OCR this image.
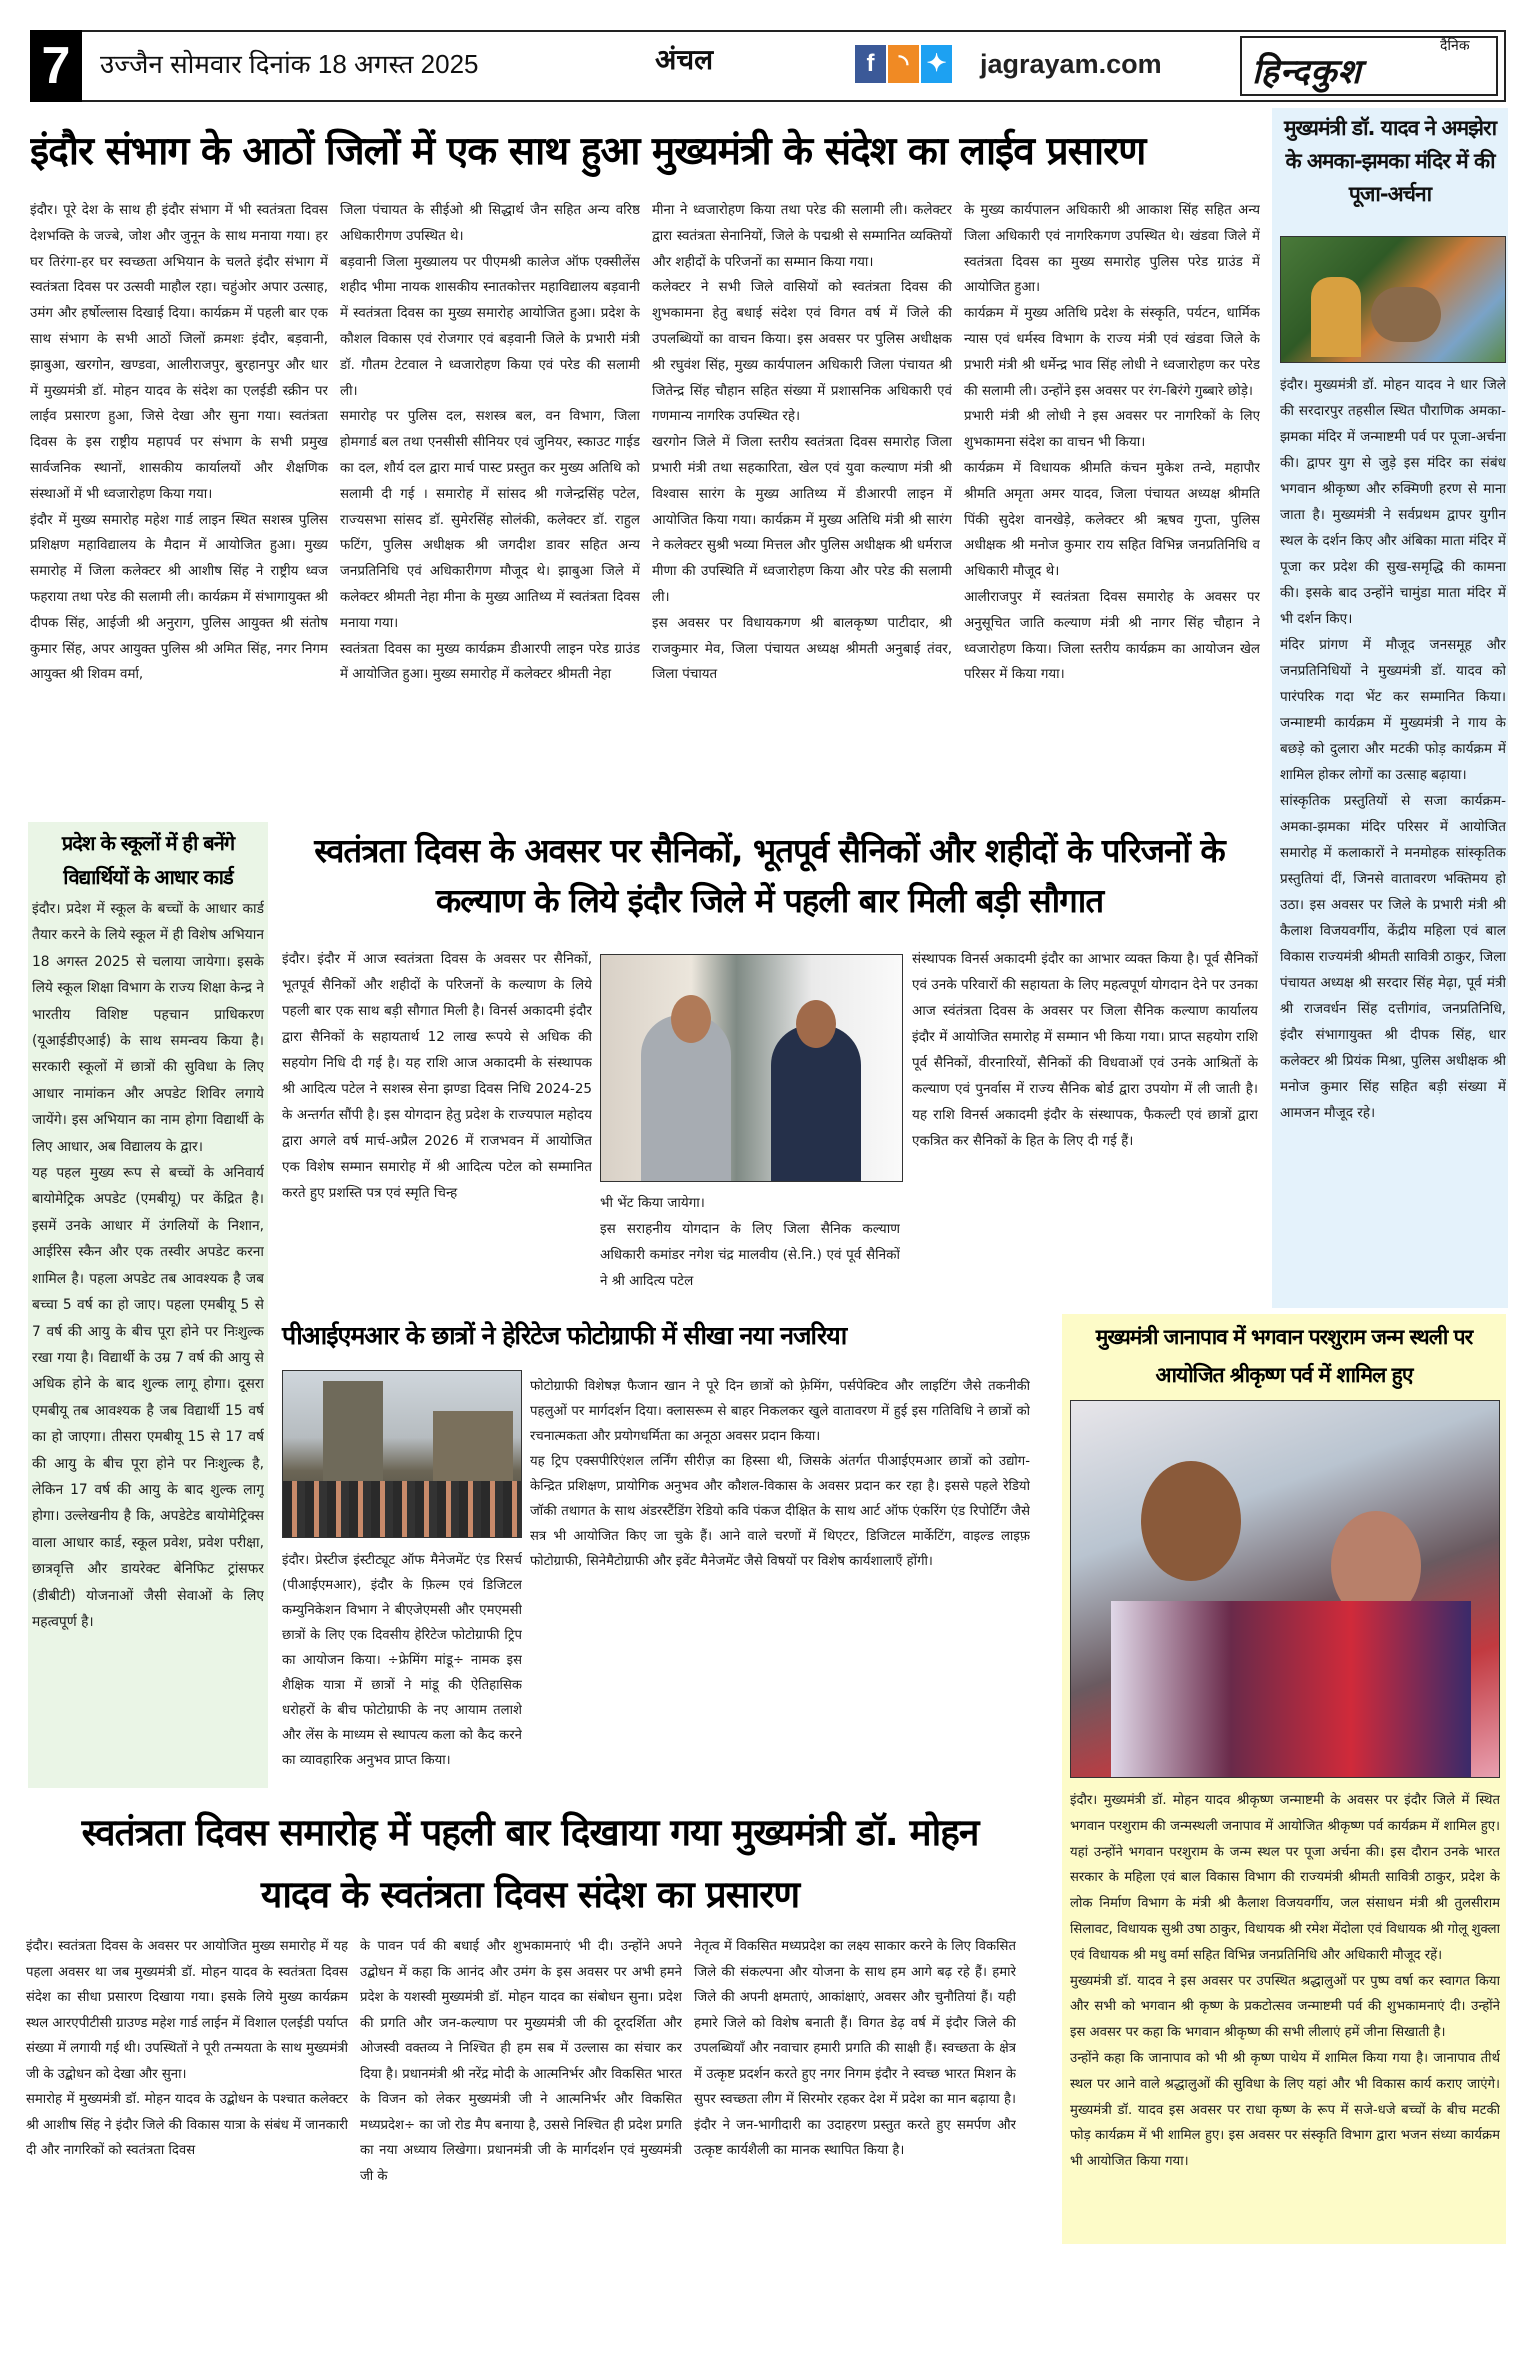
7	उज्जैन सोमवार दिनांक 18 अगस्त 2025	अंचल	f	◝ ✦ jagrayam.com
दैनिक
हिन्दकुश
इंदौर संभाग के आठों जिलों में एक साथ हुआ मुख्यमंत्री के संदेश का लाईव प्रसारण
इंदौर। पूरे देश के साथ ही इंदौर संभाग में भी स्वतंत्रता दिवस देशभक्ति के जज्बे, जोश और जुनून के साथ मनाया गया। हर घर तिरंगा-हर घर स्वच्छता अभियान के चलते इंदौर संभाग में स्वतंत्रता दिवस पर उत्सवी माहौल रहा। चहुंओर अपार उत्साह, उमंग और हर्षोल्लास दिखाई दिया। कार्यक्रम में पहली बार एक साथ संभाग के सभी आठों जिलों क्रमशः इंदौर, बड़वानी, झाबुआ, खरगोन, खण्डवा, आलीराजपुर, बुरहानपुर और धार में मुख्यमंत्री डॉ. मोहन यादव के संदेश का एलईडी स्क्रीन पर लाईव प्रसारण हुआ, जिसे देखा और सुना गया। स्वतंत्रता दिवस के इस राष्ट्रीय महापर्व पर संभाग के सभी प्रमुख सार्वजनिक स्थानों, शासकीय कार्यालयों और शैक्षणिक संस्थाओं में भी ध्वजारोहण किया गया।
इंदौर में मुख्य समारोह महेश गार्ड लाइन स्थित सशस्त्र पुलिस प्रशिक्षण महाविद्यालय के मैदान में आयोजित हुआ। मुख्य समारोह में जिला कलेक्टर श्री आशीष सिंह ने राष्ट्रीय ध्वज फहराया तथा परेड की सलामी ली। कार्यक्रम में संभागायुक्त श्री दीपक सिंह, आईजी श्री अनुराग, पुलिस आयुक्त श्री संतोष कुमार सिंह, अपर आयुक्त पुलिस श्री अमित सिंह, नगर निगम आयुक्त श्री शिवम वर्मा,
जिला पंचायत के सीईओ श्री सिद्धार्थ जैन सहित अन्य वरिष्ठ अधिकारीगण उपस्थित थे।
बड़वानी जिला मुख्यालय पर पीएमश्री कालेज ऑफ एक्सीलेंस शहीद भीमा नायक शासकीय स्नातकोत्तर महाविद्यालय बड़वानी में स्वतंत्रता दिवस का मुख्य समारोह आयोजित हुआ। प्रदेश के कौशल विकास एवं रोजगार एवं बड़वानी जिले के प्रभारी मंत्री डॉ. गौतम टेटवाल ने ध्वजारोहण किया एवं परेड की सलामी ली।
समारोह पर पुलिस दल, सशस्त्र बल, वन विभाग, जिला होमगार्ड बल तथा एनसीसी सीनियर एवं जुनियर, स्काउट गाईड का दल, शौर्य दल द्वारा मार्च पास्ट प्रस्तुत कर मुख्य अतिथि को सलामी दी गई । समारोह में सांसद श्री गजेन्द्रसिंह पटेल, राज्यसभा सांसद डॉ. सुमेरसिंह सोलंकी, कलेक्टर डॉ. राहुल फटिंग, पुलिस अधीक्षक श्री जगदीश डावर सहित अन्य जनप्रतिनिधि एवं अधिकारीगण मौजूद थे। झाबुआ जिले में कलेक्टर श्रीमती नेहा मीना के मुख्य आतिथ्य में स्वतंत्रता दिवस मनाया गया।
स्वतंत्रता दिवस का मुख्य कार्यक्रम डीआरपी लाइन परेड ग्राउंड में आयोजित हुआ। मुख्य समारोह में कलेक्टर श्रीमती नेहा
मीना ने ध्वजारोहण किया तथा परेड की सलामी ली। कलेक्टर द्वारा स्वतंत्रता सेनानियों, जिले के पद्मश्री से सम्मानित व्यक्तियों और शहीदों के परिजनों का सम्मान किया गया।
कलेक्टर ने सभी जिले वासियों को स्वतंत्रता दिवस की शुभकामना हेतु बधाई संदेश एवं विगत वर्ष में जिले की उपलब्धियों का वाचन किया। इस अवसर पर पुलिस अधीक्षक श्री रघुवंश सिंह, मुख्य कार्यपालन अधिकारी जिला पंचायत श्री जितेन्द्र सिंह चौहान सहित संख्या में प्रशासनिक अधिकारी एवं गणमान्य नागरिक उपस्थित रहे।
खरगोन जिले में जिला स्तरीय स्वतंत्रता दिवस समारोह जिला प्रभारी मंत्री तथा सहकारिता, खेल एवं युवा कल्याण मंत्री श्री विश्वास सारंग के मुख्य आतिथ्य में डीआरपी लाइन में आयोजित किया गया। कार्यक्रम में मुख्य अतिथि मंत्री श्री सारंग ने कलेक्टर सुश्री भव्या मित्तल और पुलिस अधीक्षक श्री धर्मराज मीणा की उपस्थिति में ध्वजारोहण किया और परेड की सलामी ली।
इस अवसर पर विधायकगण श्री बालकृष्ण पाटीदार, श्री राजकुमार मेव, जिला पंचायत अध्यक्ष श्रीमती अनुबाई तंवर, जिला पंचायत
के मुख्य कार्यपालन अधिकारी श्री आकाश सिंह सहित अन्य जिला अधिकारी एवं नागरिकगण उपस्थित थे। खंडवा जिले में स्वतंत्रता दिवस का मुख्य समारोह पुलिस परेड ग्राउंड में आयोजित हुआ।
कार्यक्रम में मुख्य अतिथि प्रदेश के संस्कृति, पर्यटन, धार्मिक न्यास एवं धर्मस्व विभाग के राज्य मंत्री एवं खंडवा जिले के प्रभारी मंत्री श्री धर्मेन्द्र भाव सिंह लोधी ने ध्वजारोहण कर परेड की सलामी ली। उन्होंने इस अवसर पर रंग-बिरंगे गुब्बारे छोड़े।
प्रभारी मंत्री श्री लोधी ने इस अवसर पर नागरिकों के लिए शुभकामना संदेश का वाचन भी किया।
कार्यक्रम में विधायक श्रीमति कंचन मुकेश तन्वे, महापौर श्रीमति अमृता अमर यादव, जिला पंचायत अध्यक्ष श्रीमति पिंकी सुदेश वानखेड़े, कलेक्टर श्री ऋषव गुप्ता, पुलिस अधीक्षक श्री मनोज कुमार राय सहित विभिन्न जनप्रतिनिधि व अधिकारी मौजूद थे।
आलीराजपुर में स्वतंत्रता दिवस समारोह के अवसर पर अनुसूचित जाति कल्याण मंत्री श्री नागर सिंह चौहान ने ध्वजारोहण किया। जिला स्तरीय कार्यक्रम का आयोजन खेल परिसर में किया गया।
मुख्यमंत्री डॉ. यादव ने अमझेरा के अमका-झमका मंदिर में की पूजा-अर्चना
इंदौर। मुख्यमंत्री डॉ. मोहन यादव ने धार जिले की सरदारपुर तहसील स्थित पौराणिक अमका-झमका मंदिर में जन्माष्टमी पर्व पर पूजा-अर्चना की। द्वापर युग से जुड़े इस मंदिर का संबंध भगवान श्रीकृष्ण और रुक्मिणी हरण से माना जाता है। मुख्यमंत्री ने सर्वप्रथम द्वापर युगीन स्थल के दर्शन किए और अंबिका माता मंदिर में पूजा कर प्रदेश की सुख-समृद्धि की कामना की। इसके बाद उन्होंने चामुंडा माता मंदिर में भी दर्शन किए।
मंदिर प्रांगण में मौजूद जनसमूह और जनप्रतिनिधियों ने मुख्यमंत्री डॉ. यादव को पारंपरिक गदा भेंट कर सम्मानित किया। जन्माष्टमी कार्यक्रम में मुख्यमंत्री ने गाय के बछड़े को दुलारा और मटकी फोड़ कार्यक्रम में शामिल होकर लोगों का उत्साह बढ़ाया।
सांस्कृतिक प्रस्तुतियों से सजा कार्यक्रम- अमका-झमका मंदिर परिसर में आयोजित समारोह में कलाकारों ने मनमोहक सांस्कृतिक प्रस्तुतियां दीं, जिनसे वातावरण भक्तिमय हो उठा। इस अवसर पर जिले के प्रभारी मंत्री श्री कैलाश विजयवर्गीय, केंद्रीय महिला एवं बाल विकास राज्यमंत्री श्रीमती सावित्री ठाकुर, जिला पंचायत अध्यक्ष श्री सरदार सिंह मेढ़ा, पूर्व मंत्री श्री राजवर्धन सिंह दत्तीगांव, जनप्रतिनिधि, इंदौर संभागायुक्त श्री दीपक सिंह, धार कलेक्टर श्री प्रियंक मिश्रा, पुलिस अधीक्षक श्री मनोज कुमार सिंह सहित बड़ी संख्या में आमजन मौजूद रहे।
प्रदेश के स्कूलों में ही बनेंगे विद्यार्थियों के आधार कार्ड
इंदौर। प्रदेश में स्कूल के बच्चों के आधार कार्ड तैयार करने के लिये स्कूल में ही विशेष अभियान 18 अगस्त 2025 से चलाया जायेगा। इसके लिये स्कूल शिक्षा विभाग के राज्य शिक्षा केन्द्र ने भारतीय विशिष्ट पहचान प्राधिकरण (यूआईडीएआई) के साथ समन्वय किया है। सरकारी स्कूलों में छात्रों की सुविधा के लिए आधार नामांकन और अपडेट शिविर लगाये जायेंगे। इस अभियान का नाम होगा विद्यार्थी के लिए आधार, अब विद्यालय के द्वार।
यह पहल मुख्य रूप से बच्चों के अनिवार्य बायोमेट्रिक अपडेट (एमबीयू) पर केंद्रित है। इसमें उनके आधार में उंगलियों के निशान, आईरिस स्कैन और एक तस्वीर अपडेट करना शामिल है। पहला अपडेट तब आवश्यक है जब बच्चा 5 वर्ष का हो जाए। पहला एमबीयू 5 से 7 वर्ष की आयु के बीच पूरा होने पर निःशुल्क रखा गया है। विद्यार्थी के उम्र 7 वर्ष की आयु से अधिक होने के बाद शुल्क लागू होगा। दूसरा एमबीयू तब आवश्यक है जब विद्यार्थी 15 वर्ष का हो जाएगा। तीसरा एमबीयू 15 से 17 वर्ष की आयु के बीच पूरा होने पर निःशुल्क है, लेकिन 17 वर्ष की आयु के बाद शुल्क लागू होगा। उल्लेखनीय है कि, अपडेटेड बायोमेट्रिक्स वाला आधार कार्ड, स्कूल प्रवेश, प्रवेश परीक्षा, छात्रवृत्ति और डायरेक्ट बेनिफिट ट्रांसफर (डीबीटी) योजनाओं जैसी सेवाओं के लिए महत्वपूर्ण है।
स्वतंत्रता दिवस के अवसर पर सैनिकों, भूतपूर्व सैनिकों और शहीदों के परिजनों के कल्याण के लिये इंदौर जिले में पहली बार मिली बड़ी सौगात
इंदौर। इंदौर में आज स्वतंत्रता दिवस के अवसर पर सैनिकों, भूतपूर्व सैनिकों और शहीदों के परिजनों के कल्याण के लिये पहली बार एक साथ बड़ी सौगात मिली है। विनर्स अकादमी इंदौर द्वारा सैनिकों के सहायतार्थ 12 लाख रूपये से अधिक की सहयोग निधि दी गई है। यह राशि आज अकादमी के संस्थापक श्री आदित्य पटेल ने सशस्त्र सेना झण्डा दिवस निधि 2024-25 के अन्तर्गत सौंपी है। इस योगदान हेतु प्रदेश के राज्यपाल महोदय द्वारा अगले वर्ष मार्च-अप्रैल 2026 में राजभवन में आयोजित एक विशेष सम्मान समारोह में श्री आदित्य पटेल को सम्मानित करते हुए प्रशस्ति पत्र एवं स्मृति चिन्ह
भी भेंट किया जायेगा।
इस सराहनीय योगदान के लिए जिला सैनिक कल्याण अधिकारी कमांडर नगेश चंद्र मालवीय (से.नि.) एवं पूर्व सैनिकों ने श्री आदित्य पटेल
संस्थापक विनर्स अकादमी इंदौर का आभार व्यक्त किया है। पूर्व सैनिकों एवं उनके परिवारों की सहायता के लिए महत्वपूर्ण योगदान देने पर उनका आज स्वंतंत्रता दिवस के अवसर पर जिला सैनिक कल्याण कार्यालय इंदौर में आयोजित समारोह में सम्मान भी किया गया। प्राप्त सहयोग राशि पूर्व सैनिकों, वीरनारियों, सैनिकों की विधवाओं एवं उनके आश्रितों के कल्याण एवं पुनर्वास में राज्य सैनिक बोर्ड द्वारा उपयोग में ली जाती है। यह राशि विनर्स अकादमी इंदौर के संस्थापक, फैकल्टी एवं छात्रों द्वारा एकत्रित कर सैनिकों के हित के लिए दी गई हैं।
पीआईएमआर के छात्रों ने हेरिटेज फोटोग्राफी में सीखा नया नजरिया
इंदौर। प्रेस्टीज इंस्टीट्यूट ऑफ मैनेजमेंट एंड रिसर्च (पीआईएमआर), इंदौर के फ़िल्म एवं डिजिटल कम्युनिकेशन विभाग ने बीएजेएमसी और एमएमसी छात्रों के लिए एक दिवसीय हेरिटेज फोटोग्राफी ट्रिप का आयोजन किया। ÷फ्रेमिंग मांडू÷ नामक इस शैक्षिक यात्रा में छात्रों ने मांडू की ऐतिहासिक धरोहरों के बीच फोटोग्राफी के नए आयाम तलाशे और लेंस के माध्यम से स्थापत्य कला को कैद करने का व्यावहारिक अनुभव प्राप्त किया।
फोटोग्राफी विशेषज्ञ फैजान खान ने पूरे दिन छात्रों को फ़्रेमिंग, पर्सपेक्टिव और लाइटिंग जैसे तकनीकी पहलुओं पर मार्गदर्शन दिया। क्लासरूम से बाहर निकलकर खुले वातावरण में हुई इस गतिविधि ने छात्रों को रचनात्मकता और प्रयोगधर्मिता का अनूठा अवसर प्रदान किया।
यह ट्रिप एक्सपीरिएंशल लर्निंग सीरीज़ का हिस्सा थी, जिसके अंतर्गत पीआईएमआर छात्रों को उद्योग-केन्द्रित प्रशिक्षण, प्रायोगिक अनुभव और कौशल-विकास के अवसर प्रदान कर रहा है। इससे पहले रेडियो जॉकी तथागत के साथ अंडरस्टैंडिंग रेडियो कवि पंकज दीक्षित के साथ आर्ट ऑफ एंकरिंग एंड रिपोर्टिंग जैसे सत्र भी आयोजित किए जा चुके हैं। आने वाले चरणों में थिएटर, डिजिटल मार्केटिंग, वाइल्ड लाइफ़ फोटोग्राफी, सिनेमैटोग्राफी और इवेंट मैनेजमेंट जैसे विषयों पर विशेष कार्यशालाएँ होंगी।
मुख्यमंत्री जानापाव में भगवान परशुराम जन्म स्थली पर आयोजित श्रीकृष्ण पर्व में शामिल हुए
इंदौर। मुख्यमंत्री डॉ. मोहन यादव श्रीकृष्ण जन्माष्टमी के अवसर पर इंदौर जिले में स्थित भगवान परशुराम की जन्मस्थली जनापाव में आयोजित श्रीकृष्ण पर्व कार्यक्रम में शामिल हुए। यहां उन्होंने भगवान परशुराम के जन्म स्थल पर पूजा अर्चना की। इस दौरान उनके भारत सरकार के महिला एवं बाल विकास विभाग की राज्यमंत्री श्रीमती सावित्री ठाकुर, प्रदेश के लोक निर्माण विभाग के मंत्री श्री कैलाश विजयवर्गीय, जल संसाधन मंत्री श्री तुलसीराम सिलावट, विधायक सुश्री उषा ठाकुर, विधायक श्री रमेश मेंदोला एवं विधायक श्री गोलू शुक्ला एवं विधायक श्री मधु वर्मा सहित विभिन्न जनप्रतिनिधि और अधिकारी मौजूद रहें।
मुख्यमंत्री डॉ. यादव ने इस अवसर पर उपस्थित श्रद्धालुओं पर पुष्प वर्षा कर स्वागत किया और सभी को भगवान श्री कृष्ण के प्रकटोत्सव जन्माष्टमी पर्व की शुभकामनाएं दी। उन्होंने इस अवसर पर कहा कि भगवान श्रीकृष्ण की सभी लीलाएं हमें जीना सिखाती है।
उन्होंने कहा कि जानापाव को भी श्री कृष्ण पाथेय में शामिल किया गया है। जानापाव तीर्थ स्थल पर आने वाले श्रद्धालुओं की सुविधा के लिए यहां और भी विकास कार्य कराए जाएंगे। मुख्यमंत्री डॉ. यादव इस अवसर पर राधा कृष्ण के रूप में सजे-धजे बच्चों के बीच मटकी फोड़ कार्यक्रम में भी शामिल हुए। इस अवसर पर संस्कृति विभाग द्वारा भजन संध्या कार्यक्रम भी आयोजित किया गया।
स्वतंत्रता दिवस समारोह में पहली बार दिखाया गया मुख्यमंत्री डॉ. मोहन यादव के स्वतंत्रता दिवस संदेश का प्रसारण
इंदौर। स्वतंत्रता दिवस के अवसर पर आयोजित मुख्य समारोह में यह पहला अवसर था जब मुख्यमंत्री डॉ. मोहन यादव के स्वतंत्रता दिवस संदेश का सीधा प्रसारण दिखाया गया। इसके लिये मुख्य कार्यक्रम स्थल आरएपीटीसी ग्राउण्ड महेश गार्ड लाईन में विशाल एलईडी पर्याप्त संख्या में लगायी गई थी। उपस्थितों ने पूरी तन्मयता के साथ मुख्यमंत्री जी के उद्बोधन को देखा और सुना।
समारोह में मुख्यमंत्री डॉ. मोहन यादव के उद्बोधन के पश्चात कलेक्टर श्री आशीष सिंह ने इंदौर जिले की विकास यात्रा के संबंध में जानकारी दी और नागरिकों को स्वतंत्रता दिवस
के पावन पर्व की बधाई और शुभकामनाएं भी दी। उन्होंने अपने उद्बोधन में कहा कि आनंद और उमंग के इस अवसर पर अभी हमने प्रदेश के यशस्वी मुख्यमंत्री डॉ. मोहन यादव का संबोधन सुना। प्रदेश की प्रगति और जन-कल्याण पर मुख्यमंत्री जी की दूरदर्शिता और ओजस्वी वक्तव्य ने निश्चित ही हम सब में उल्लास का संचार कर दिया है। प्रधानमंत्री श्री नरेंद्र मोदी के आत्मनिर्भर और विकसित भारत के विजन को लेकर मुख्यमंत्री जी ने आत्मनिर्भर और विकसित मध्यप्रदेश÷ का जो रोड मैप बनाया है, उससे निश्चित ही प्रदेश प्रगति का नया अध्याय लिखेगा। प्रधानमंत्री जी के मार्गदर्शन एवं मुख्यमंत्री जी के
नेतृत्व में विकसित मध्यप्रदेश का लक्ष्य साकार करने के लिए विकसित जिले की संकल्पना और योजना के साथ हम आगे बढ़ रहे हैं। हमारे जिले की अपनी क्षमताएं, आकांक्षाएं, अवसर और चुनौतियां हैं। यही हमारे जिले को विशेष बनाती हैं। विगत डेढ़ वर्ष में इंदौर जिले की उपलब्धियाँ और नवाचार हमारी प्रगति की साक्षी हैं। स्वच्छता के क्षेत्र में उत्कृष्ट प्रदर्शन करते हुए नगर निगम इंदौर ने स्वच्छ भारत मिशन के सुपर स्वच्छता लीग में सिरमोर रहकर देश में प्रदेश का मान बढ़ाया है। इंदौर ने जन-भागीदारी का उदाहरण प्रस्तुत करते हुए समर्पण और उत्कृष्ट कार्यशैली का मानक स्थापित किया है।
